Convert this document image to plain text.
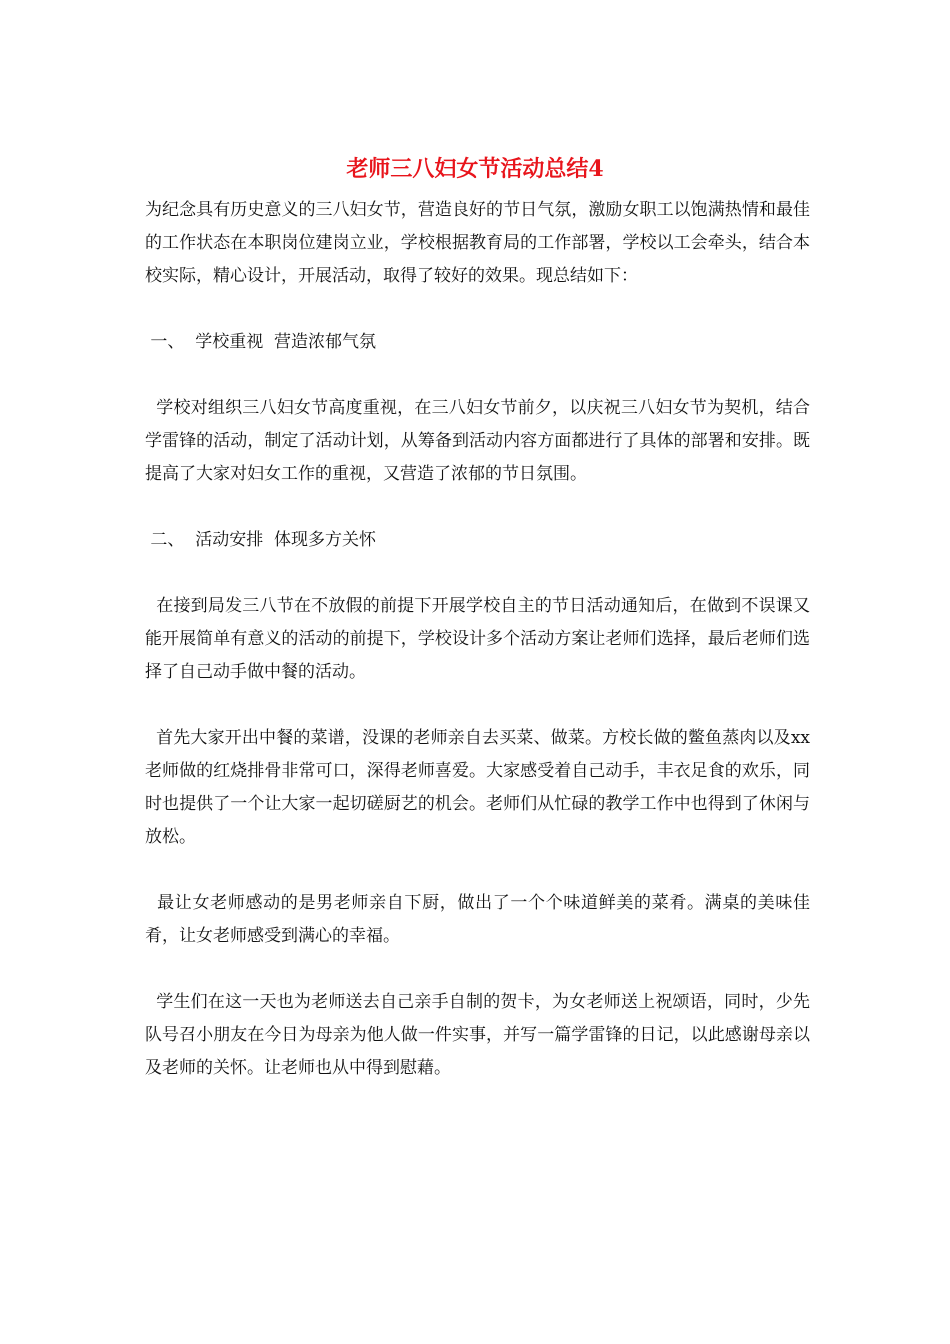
老师三八妇女节活动总结4

为纪念具有历史意义的三八妇女节，营造良好的节日气氛，激励女职工以饱满热情和最佳的工作状态在本职岗位建岗立业，学校根据教育局的工作部署，学校以工会牵头，结合本校实际，精心设计，开展活动，取得了较好的效果。现总结如下：

一、  学校重视  营造浓郁气氛

学校对组织三八妇女节高度重视，在三八妇女节前夕，以庆祝三八妇女节为契机，结合学雷锋的活动，制定了活动计划，从筹备到活动内容方面都进行了具体的部署和安排。既提高了大家对妇女工作的重视，又营造了浓郁的节日氛围。

二、  活动安排  体现多方关怀

在接到局发三八节在不放假的前提下开展学校自主的节日活动通知后，在做到不误课又能开展简单有意义的活动的前提下，学校设计多个活动方案让老师们选择，最后老师们选择了自己动手做中餐的活动。

首先大家开出中餐的菜谱，没课的老师亲自去买菜、做菜。方校长做的鳖鱼蒸肉以及xx老师做的红烧排骨非常可口，深得老师喜爱。大家感受着自己动手，丰衣足食的欢乐，同时也提供了一个让大家一起切磋厨艺的机会。老师们从忙碌的教学工作中也得到了休闲与放松。

最让女老师感动的是男老师亲自下厨，做出了一个个味道鲜美的菜肴。满桌的美味佳肴，让女老师感受到满心的幸福。

学生们在这一天也为老师送去自己亲手自制的贺卡，为女老师送上祝颂语，同时，少先队号召小朋友在今日为母亲为他人做一件实事，并写一篇学雷锋的日记，以此感谢母亲以及老师的关怀。让老师也从中得到慰藉。
